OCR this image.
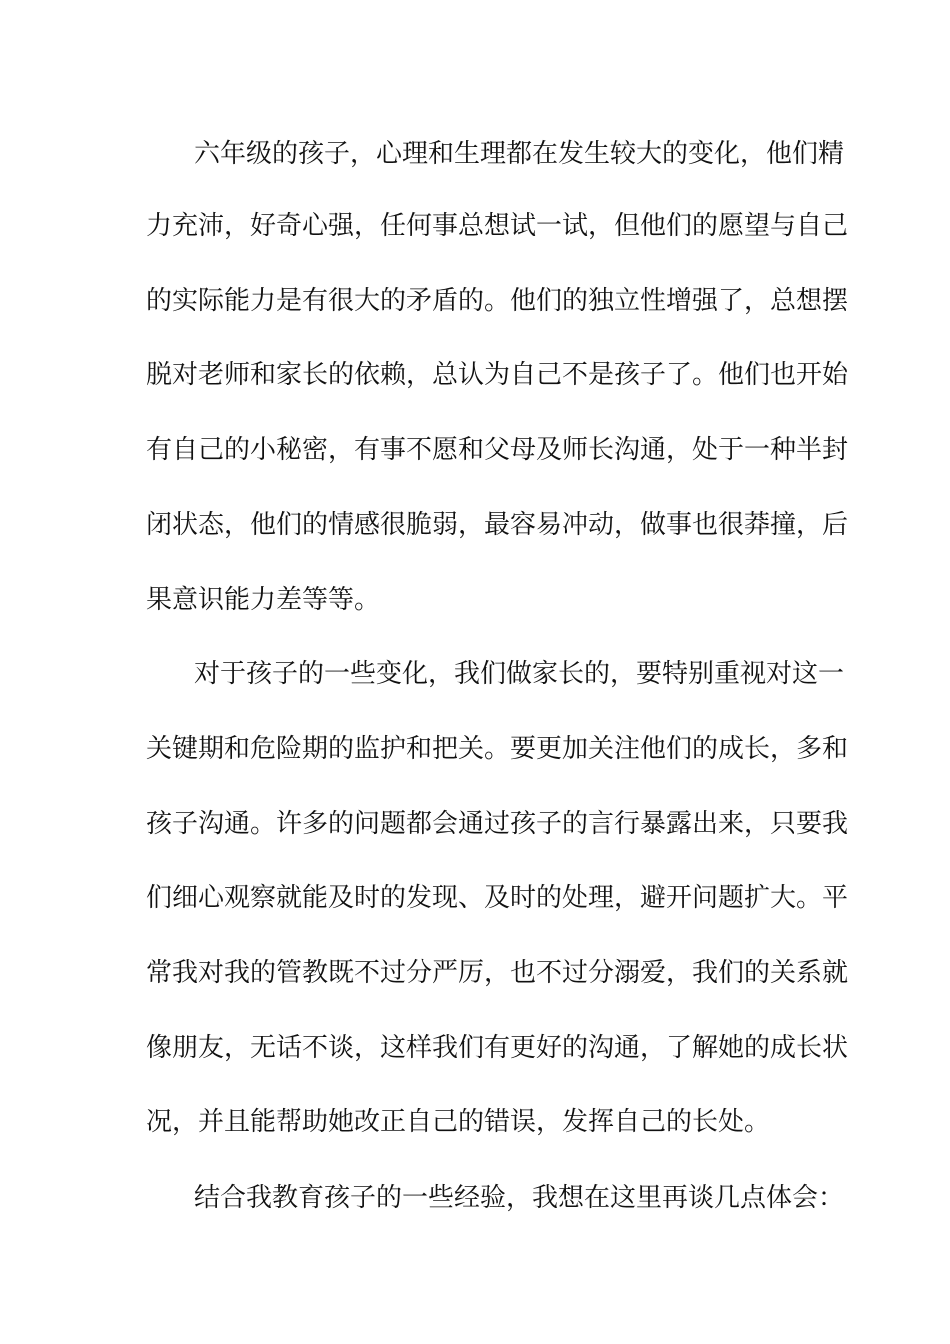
六年级的孩子，心理和生理都在发生较大的变化，他们精
力充沛，好奇心强，任何事总想试一试，但他们的愿望与自己
的实际能力是有很大的矛盾的。他们的独立性增强了，总想摆
脱对老师和家长的依赖，总认为自己不是孩子了。他们也开始
有自己的小秘密，有事不愿和父母及师长沟通，处于一种半封
闭状态，他们的情感很脆弱，最容易冲动，做事也很莽撞，后
果意识能力差等等。
对于孩子的一些变化，我们做家长的，要特别重视对这一
关键期和危险期的监护和把关。要更加关注他们的成长，多和
孩子沟通。许多的问题都会通过孩子的言行暴露出来，只要我
们细心观察就能及时的发现、及时的处理，避开问题扩大。平
常我对我的管教既不过分严厉，也不过分溺爱，我们的关系就
像朋友，无话不谈，这样我们有更好的沟通，了解她的成长状
况，并且能帮助她改正自己的错误，发挥自己的长处。
结合我教育孩子的一些经验，我想在这里再谈几点体会：
